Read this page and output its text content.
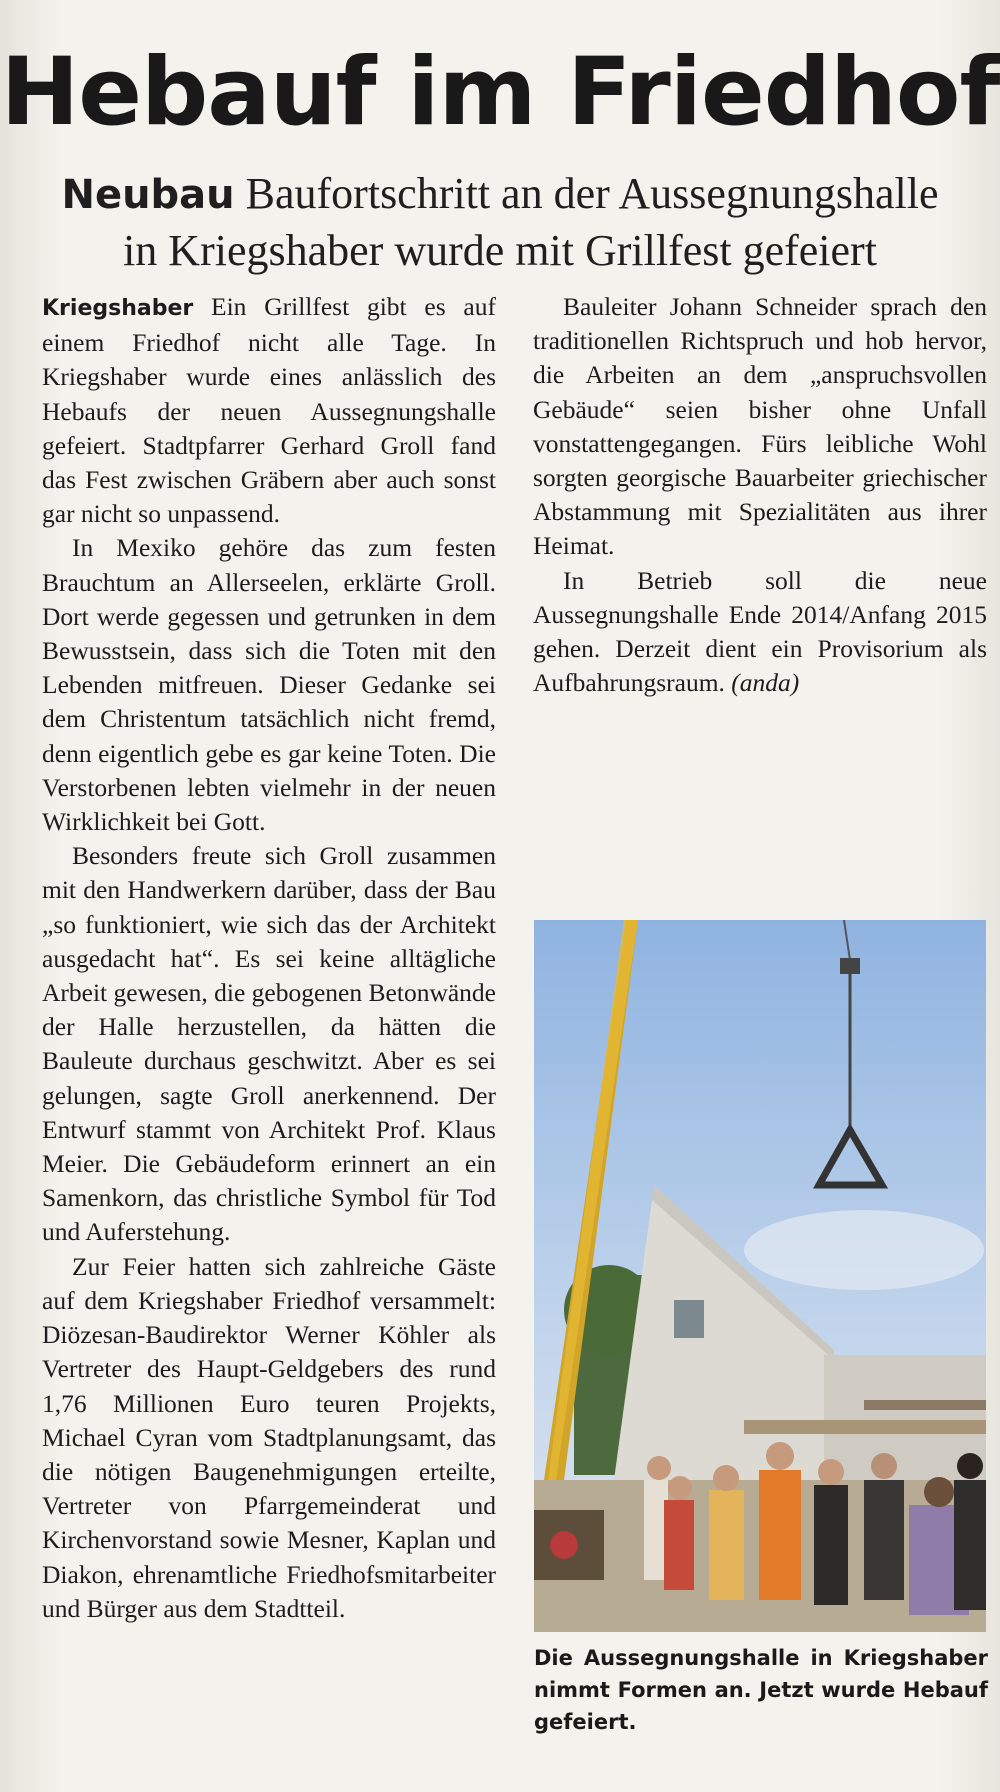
Hebauf im Friedhof
Neubau Baufortschritt an der Aussegnungshalle in Kriegshaber wurde mit Grillfest gefeiert

Kriegshaber Ein Grillfest gibt es auf einem Friedhof nicht alle Tage. In Kriegshaber wurde eines anlässlich des Hebaufs der neuen Aussegnungshalle gefeiert. Stadtpfarrer Gerhard Groll fand das Fest zwischen Gräbern aber auch sonst gar nicht so unpassend.

In Mexiko gehöre das zum festen Brauchtum an Allerseelen, erklärte Groll. Dort werde gegessen und getrunken in dem Bewusstsein, dass sich die Toten mit den Lebenden mitfreuen. Dieser Gedanke sei dem Christentum tatsächlich nicht fremd, denn eigentlich gebe es gar keine Toten. Die Verstorbenen lebten vielmehr in der neuen Wirklichkeit bei Gott.

Besonders freute sich Groll zusammen mit den Handwerkern darüber, dass der Bau „so funktioniert, wie sich das der Architekt ausgedacht hat“. Es sei keine alltägliche Arbeit gewesen, die gebogenen Betonwände der Halle herzustellen, da hätten die Bauleute durchaus geschwitzt. Aber es sei gelungen, sagte Groll anerkennend. Der Entwurf stammt von Architekt Prof. Klaus Meier. Die Gebäudeform erinnert an ein Samenkorn, das christliche Symbol für Tod und Auferstehung.

Zur Feier hatten sich zahlreiche Gäste auf dem Kriegshaber Friedhof versammelt: Diözesan-Baudirektor Werner Köhler als Vertreter des Haupt-Geldgebers des rund 1,76 Millionen Euro teuren Projekts, Michael Cyran vom Stadtplanungsamt, das die nötigen Baugenehmigungen erteilte, Vertreter von Pfarrgemeinderat und Kirchenvorstand sowie Mesner, Kaplan und Diakon, ehrenamtliche Friedhofsmitarbeiter und Bürger aus dem Stadtteil.

Bauleiter Johann Schneider sprach den traditionellen Richtspruch und hob hervor, die Arbeiten an dem „anspruchsvollen Gebäude“ seien bisher ohne Unfall vonstattengegangen. Fürs leibliche Wohl sorgten georgische Bauarbeiter griechischer Abstammung mit Spezialitäten aus ihrer Heimat.

In Betrieb soll die neue Aussegnungshalle Ende 2014/Anfang 2015 gehen. Derzeit dient ein Provisorium als Aufbahrungsraum. (anda)

Die Aussegnungshalle in Kriegshaber nimmt Formen an. Jetzt wurde Hebauf gefeiert.
